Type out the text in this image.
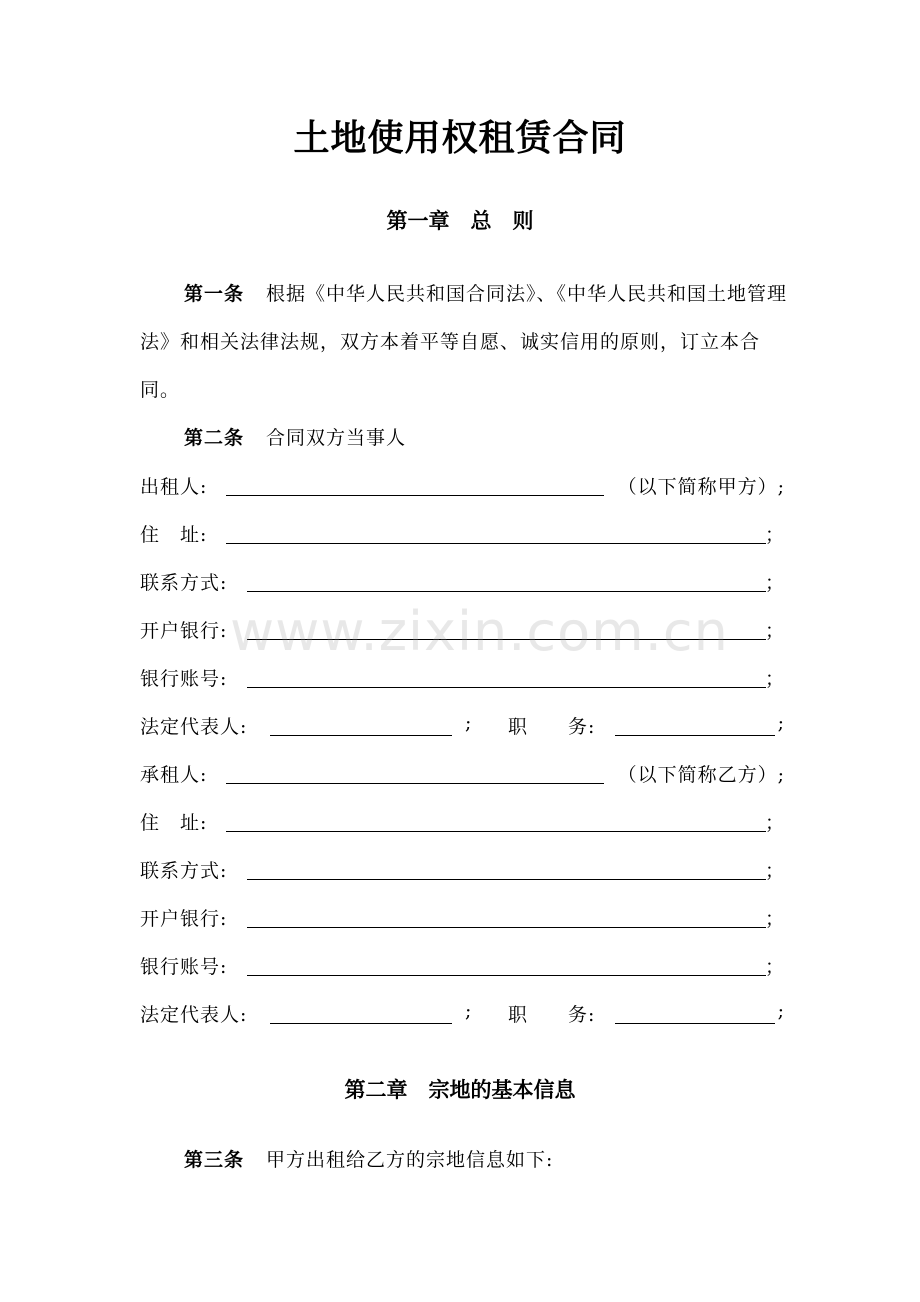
土地使用权租赁合同
第一章　总　则
第一条 根据《中华人民共和国合同法》、《中华人民共和国土地管理法》和相关法律法规，双方本着平等自愿、诚实信用的原则，订立本合同。
第二条 合同双方当事人
出租人:	（以下简称甲方）;
住　址:	；
联系方式:	；
开户银行:	；
银行账号:	；
法定代表人:	; 职　　务:	;
承租人:	（以下简称乙方）;
住　址:	；
联系方式:	；
开户银行:	；
银行账号:	；
法定代表人:	; 职　　务:	;
第二章　宗地的基本信息
第三条 甲方出租给乙方的宗地信息如下:
www.zixin.com.cn
